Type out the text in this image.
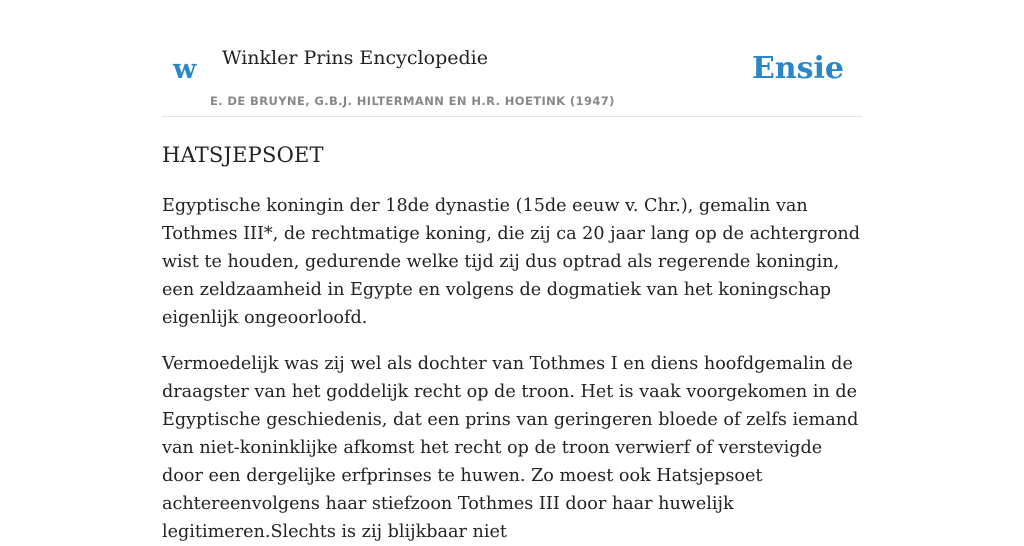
w Winkler Prins Encyclopedie
E. DE BRUYNE, G.B.J. HILTERMANN EN H.R. HOETINK (1947)
Ensie
HATSJEPSOET

Egyptische koningin der 18de dynastie (15de eeuw v. Chr.), gemalin van Tothmes III*, de rechtmatige koning, die zij ca 20 jaar lang op de achtergrond wist te houden, gedurende welke tijd zij dus optrad als regerende koningin, een zeldzaamheid in Egypte en volgens de dogmatiek van het koningschap eigenlijk ongeoorloofd.

Vermoedelijk was zij wel als dochter van Tothmes I en diens hoofdgemalin de draagster van het goddelijk recht op de troon. Het is vaak voorgekomen in de Egyptische geschiedenis, dat een prins van geringeren bloede of zelfs iemand van niet-koninklijke afkomst het recht op de troon verwierf of verstevigde door een dergelijke erfprinses te huwen. Zo moest ook Hatsjepsoet achtereenvolgens haar stiefzoon Tothmes III door haar huwelijk legitimeren.Slechts is zij blijkbaar niet
